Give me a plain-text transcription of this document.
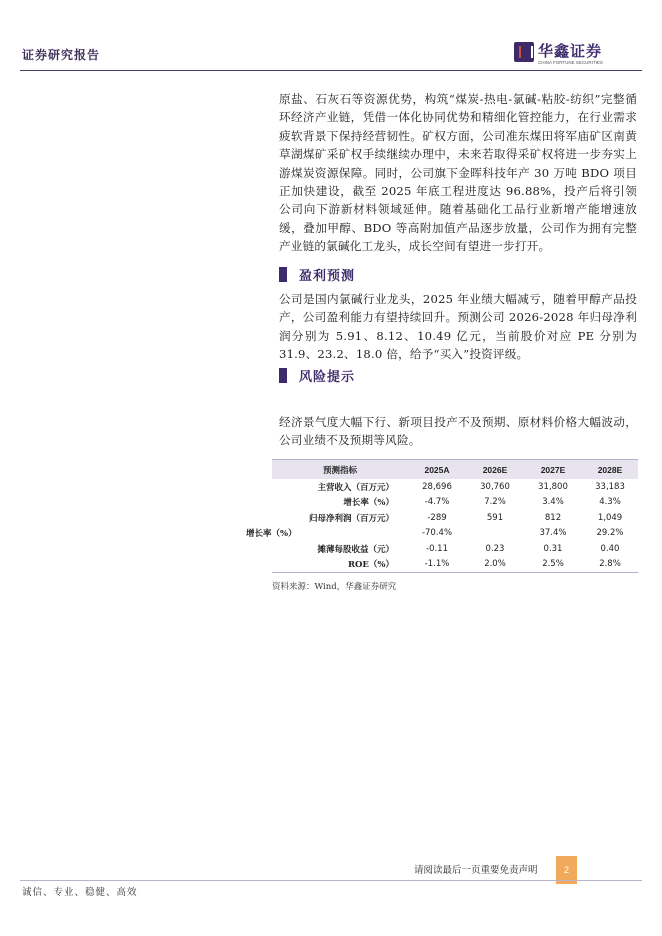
证券研究报告	华鑫证券
CHINA FORTUNE SECURITIES

原盐、石灰石等资源优势，构筑“煤炭-热电-氯碱-粘胶-纺织”完整循环经济产业链，凭借一体化协同优势和精细化管控能力，在行业需求疲软背景下保持经营韧性。矿权方面，公司准东煤田将军庙矿区南黄草湖煤矿采矿权手续继续办理中，未来若取得采矿权将进一步夯实上游煤炭资源保障。同时，公司旗下金晖科技年产 30 万吨 BDO 项目正加快建设，截至 2025 年底工程进度达 96.88%，投产后将引领公司向下游新材料领域延伸。随着基础化工品行业新增产能增速放缓，叠加甲醇、BDO 等高附加值产品逐步放量，公司作为拥有完整产业链的氯碱化工龙头，成长空间有望进一步打开。

盈利预测

公司是国内氯碱行业龙头，2025 年业绩大幅减亏，随着甲醇产品投产，公司盈利能力有望持续回升。预测公司 2026-2028 年归母净利润分别为 5.91、8.12、10.49 亿元，当前股价对应 PE 分别为 31.9、23.2、18.0 倍，给予“买入”投资评级。

风险提示

经济景气度大幅下行、新项目投产不及预期、原材料价格大幅波动，公司业绩不及预期等风险。

预测指标	2025A	2026E	2027E	2028E
主营收入（百万元）	28,696	30,760	31,800	33,183
增长率（%）	-4.7%	7.2%	3.4%	4.3%
归母净利润（百万元）	-289	591	812	1,049
增长率（%）	-70.4%		37.4%	29.2%
摊薄每股收益（元）	-0.11	0.23	0.31	0.40
ROE（%）	-1.1%	2.0%	2.5%	2.8%
资料来源：Wind，华鑫证券研究
请阅读最后一页重要免责声明	2
诚信、专业、稳健、高效
